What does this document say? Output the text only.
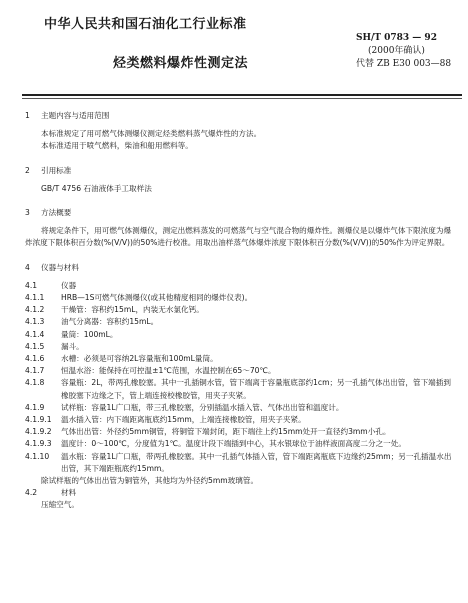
中华人民共和国石油化工行业标准
SH/T 0783 — 92
(2000年确认)
代替 ZB E30 003—88
烃类燃料爆炸性测定法
1 主题内容与适用范围
本标准规定了用可燃气体测爆仪测定烃类燃料蒸气爆炸性的方法。
本标准适用于喷气燃料，柴油和船用燃料等。
2 引用标准
GB/T 4756 石油液体手工取样法
3 方法概要
将规定条件下，用可燃气体测爆仪，测定出燃料蒸发的可燃蒸气与空气混合物的爆炸性。测爆仪是以爆炸气体下限浓度为爆炸浓度下限体积百分数(%(V/V))的50%进行校准。用取出油样蒸气体爆炸浓度下限体积百分数(%(V/V))的50%作为评定界限。
4 仪器与材料
4.1	仪器
4.1.1	HRB—1S可燃气体测爆仪(或其他精度相同的爆炸仪表)。
4.1.2	干燥管：容积约15mL，内装无水氯化钙。
4.1.3	油气分离器：容积约15mL。
4.1.4	量筒：100mL。
4.1.5	漏斗。
4.1.6	水槽：必须是可容纳2L容量瓶和100mL量筒。
4.1.7	恒温水浴：能保持在可控温±1℃范围，水温控制在65～70℃。
4.1.8	容量瓶：2L，带两孔橡胶塞。其中一孔插铜水管，管下端离于容量瓶底部约1cm；另一孔插气体出出管，管下端插到橡胶塞下边缘之下，管上端连接校橡胶管，用夹子夹紧。
4.1.9	试样瓶：容量1L广口瓶，带三孔橡胶塞，分别插温水插入管、气体出出管和温度计。
4.1.9.1	温水插入管：内下端距离瓶底约15mm，上端连接橡胶管，用夹子夹紧。
4.1.9.2	气体出出管：外径约5mm铜管，将铜管下端封闭，距下端往上约15mm处开一直径约3mm小孔。
4.1.9.3	温度计：0～100℃，分度值为1℃。温度计段下端插到中心，其水银球位于油样液面高度二分之一处。
4.1.10	温水瓶：容量1L广口瓶，带两孔橡胶塞。其中一孔插气体插入管，管下端距离瓶底下边缘约25mm；另一孔插温水出出管，其下端距瓶底约15mm。
除试样瓶的气体出出管为铜管外，其他均为外径约5mm玻璃管。
4.2	材料
压缩空气。
